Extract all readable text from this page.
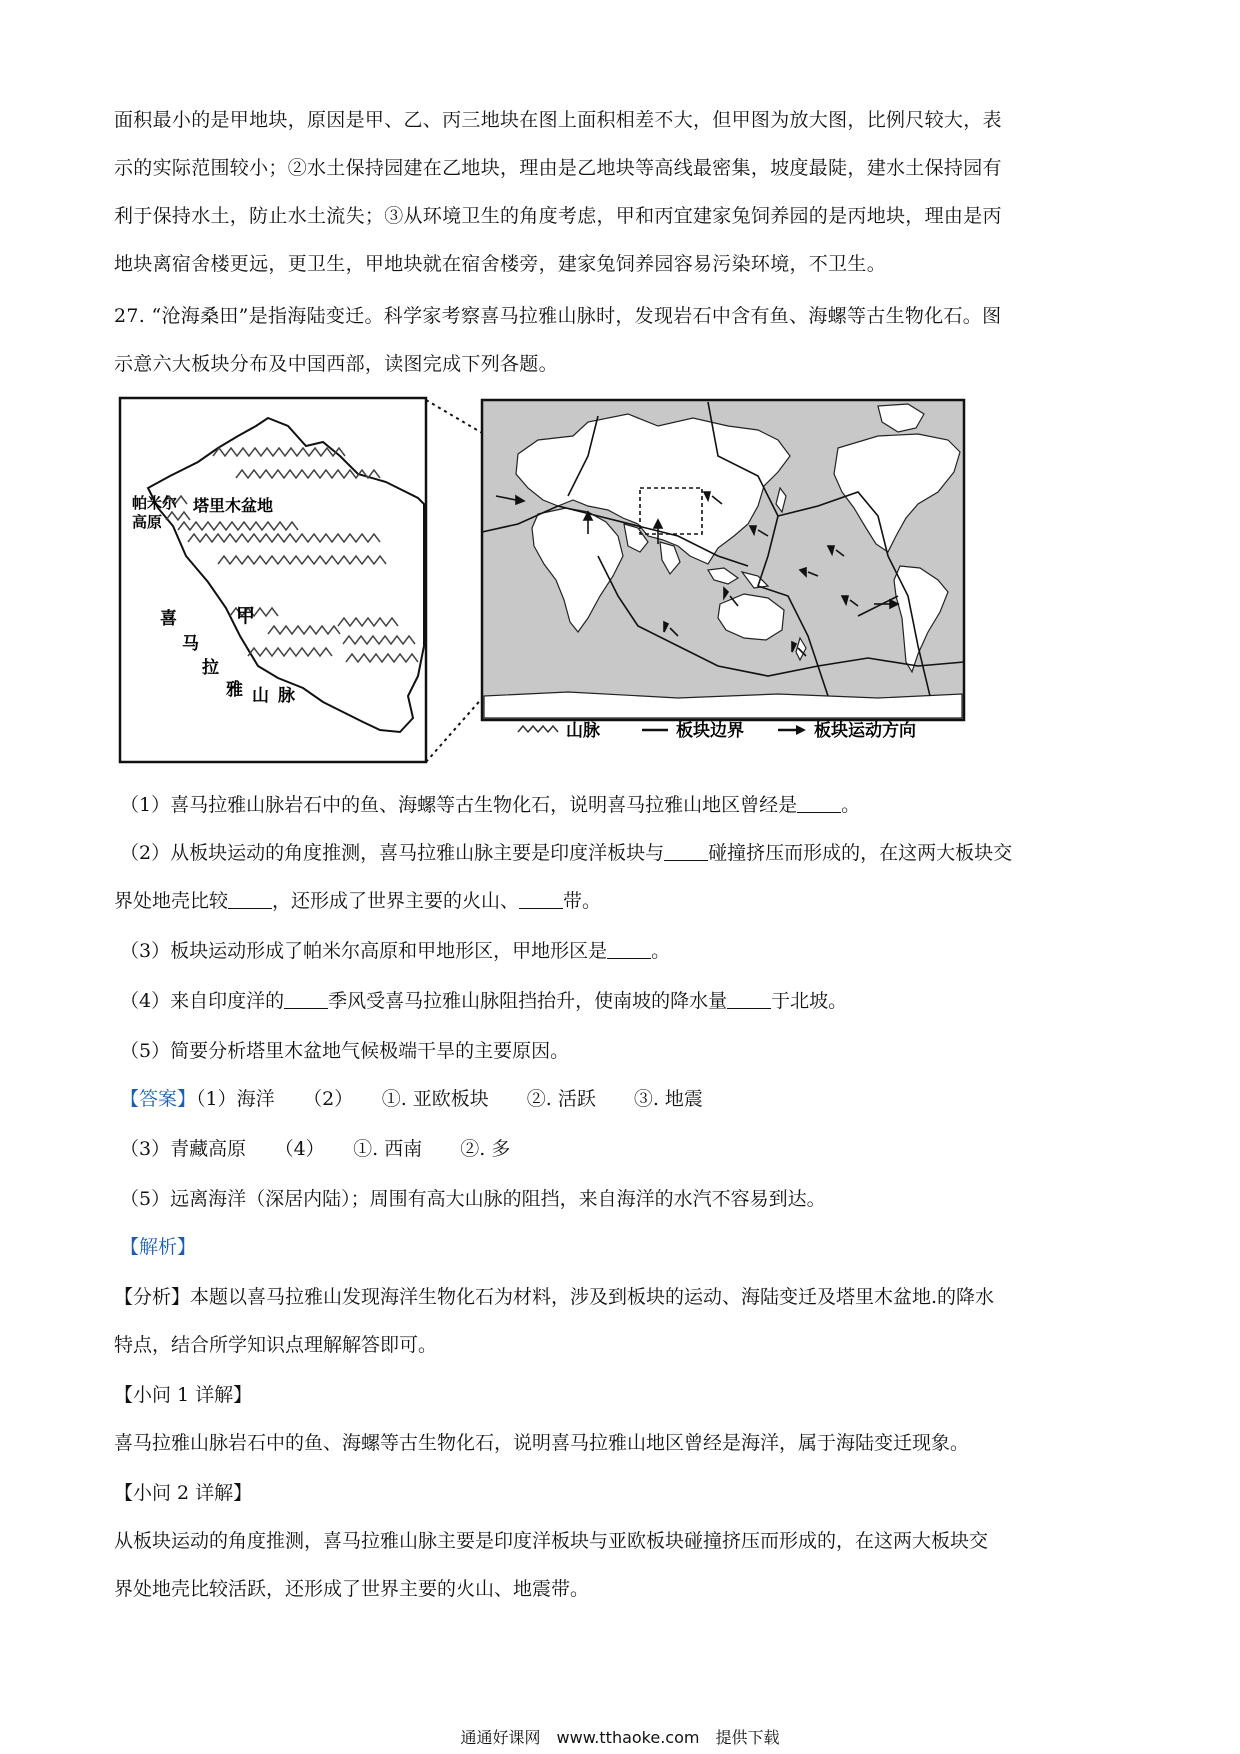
面积最小的是甲地块，原因是甲、乙、丙三地块在图上面积相差不大，但甲图为放大图，比例尺较大，表
示的实际范围较小；②水土保持园建在乙地块，理由是乙地块等高线最密集，坡度最陡，建水土保持园有
利于保持水土，防止水土流失；③从环境卫生的角度考虑，甲和丙宜建家兔饲养园的是丙地块，理由是丙
地块离宿舍楼更远，更卫生，甲地块就在宿舍楼旁，建家兔饲养园容易污染环境，不卫生。
27. “沧海桑田”是指海陆变迁。科学家考察喜马拉雅山脉时，发现岩石中含有鱼、海螺等古生物化石。图
示意六大板块分布及中国西部，读图完成下列各题。
帕米尔
高原
塔里木盆地
甲
喜
马
拉
雅 山 脉
山脉	板块边界	板块运动方向
（1）喜马拉雅山脉岩石中的鱼、海螺等古生物化石，说明喜马拉雅山地区曾经是 。
（2）从板块运动的角度推测，喜马拉雅山脉主要是印度洋板块与 碰撞挤压而形成的，在这两大板块交
界处地壳比较 ，还形成了世界主要的火山、 带。
（3）板块运动形成了帕米尔高原和甲地形区，甲地形区是 。
（4）来自印度洋的 季风受喜马拉雅山脉阻挡抬升，使南坡的降水量 于北坡。
（5）简要分析塔里木盆地气候极端干旱的主要原因。
【答案】（1）海洋　　（2）　　①. 亚欧板块　　②. 活跃　　③. 地震
（3）青藏高原　　（4）　　①. 西南　　②. 多
（5）远离海洋（深居内陆）；周围有高大山脉的阻挡，来自海洋的水汽不容易到达。
【解析】
【分析】本题以喜马拉雅山发现海洋生物化石为材料，涉及到板块的运动、海陆变迁及塔里木盆地.的降水
特点，结合所学知识点理解解答即可。
【小问 1 详解】
喜马拉雅山脉岩石中的鱼、海螺等古生物化石，说明喜马拉雅山地区曾经是海洋，属于海陆变迁现象。
【小问 2 详解】
从板块运动的角度推测，喜马拉雅山脉主要是印度洋板块与亚欧板块碰撞挤压而形成的，在这两大板块交
界处地壳比较活跃，还形成了世界主要的火山、地震带。
通通好课网　www.tthaoke.com　提供下载
